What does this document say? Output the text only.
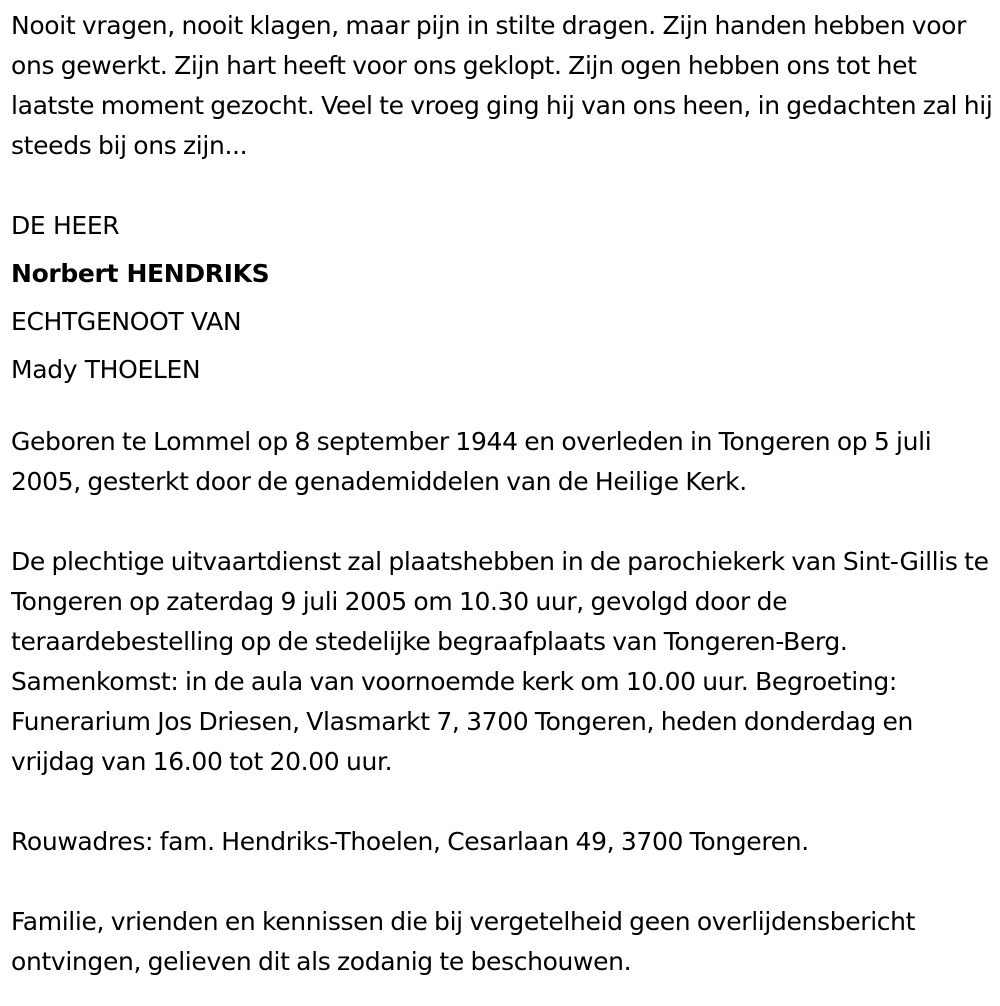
Nooit vragen, nooit klagen, maar pijn in stilte dragen. Zijn handen hebben voor ons gewerkt. Zijn hart heeft voor ons geklopt. Zijn ogen hebben ons tot het laatste moment gezocht. Veel te vroeg ging hij van ons heen, in gedachten zal hij steeds bij ons zijn...

DE HEER
Norbert HENDRIKS
ECHTGENOOT VAN
Mady THOELEN

Geboren te Lommel op 8 september 1944 en overleden in Tongeren op 5 juli 2005, gesterkt door de genademiddelen van de Heilige Kerk.

De plechtige uitvaartdienst zal plaatshebben in de parochiekerk van Sint-Gillis te Tongeren op zaterdag 9 juli 2005 om 10.30 uur, gevolgd door de teraardebestelling op de stedelijke begraafplaats van Tongeren-Berg. Samenkomst: in de aula van voornoemde kerk om 10.00 uur. Begroeting: Funerarium Jos Driesen, Vlasmarkt 7, 3700 Tongeren, heden donderdag en vrijdag van 16.00 tot 20.00 uur.

Rouwadres: fam. Hendriks-Thoelen, Cesarlaan 49, 3700 Tongeren.

Familie, vrienden en kennissen die bij vergetelheid geen overlijdensbericht ontvingen, gelieven dit als zodanig te beschouwen.
